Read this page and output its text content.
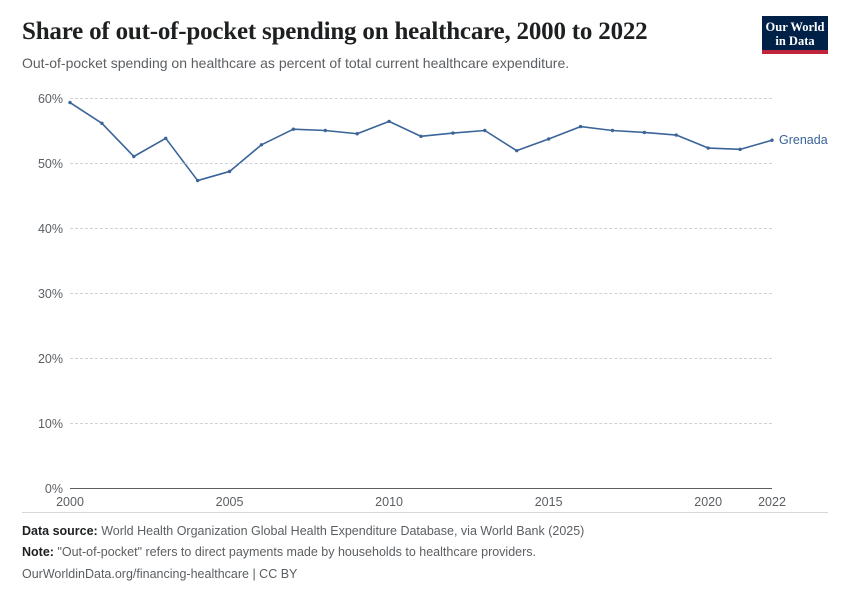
Share of out-of-pocket spending on healthcare, 2000 to 2022

Out-of-pocket spending on healthcare as percent of total current healthcare expenditure.

Our World
in Data
0%
10%
20%
30%
40%
50%
60%
2000	2005	2010	2015	2020	2022
Grenada

Data source: World Health Organization Global Health Expenditure Database, via World Bank (2025)

Note: "Out-of-pocket" refers to direct payments made by households to healthcare providers.

OurWorldinData.org/financing-healthcare | CC BY
